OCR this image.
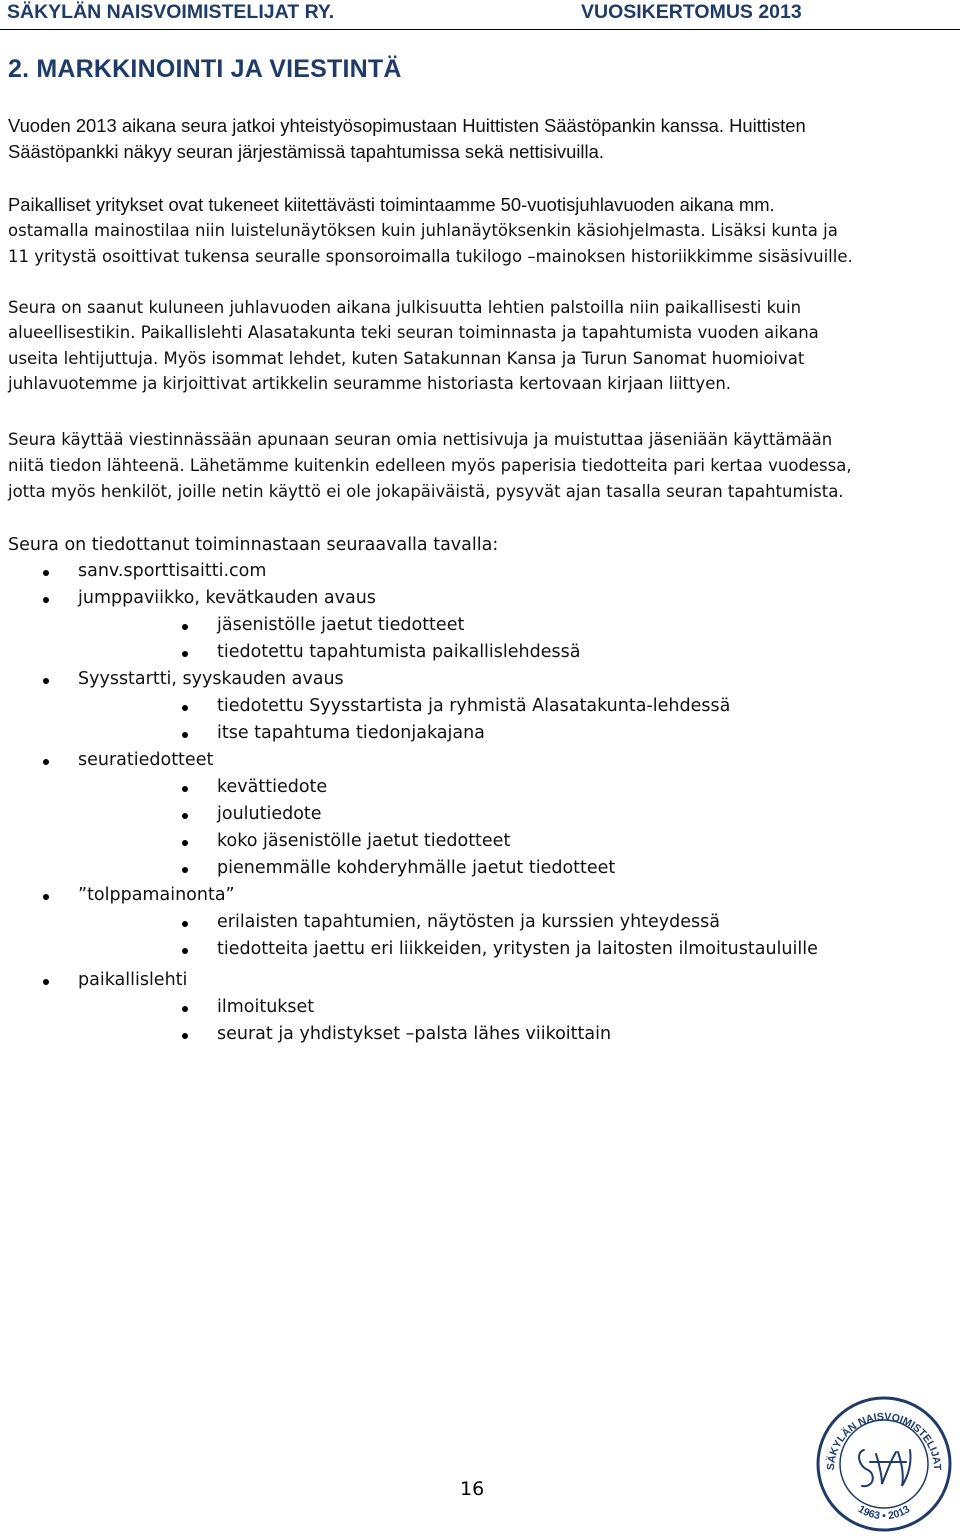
SÄKYLÄN NAISVOIMISTELIJAT RY.	VUOSIKERTOMUS 2013
2. MARKKINOINTI JA VIESTINTÄ
Vuoden 2013 aikana seura jatkoi yhteistyösopimustaan Huittisten Säästöpankin kanssa. Huittisten
Säästöpankki näkyy seuran järjestämissä tapahtumissa sekä nettisivuilla.
Paikalliset yritykset ovat tukeneet kiitettävästi toimintaamme 50-vuotisjuhlavuoden aikana mm.
ostamalla mainostilaa niin luistelunäytöksen kuin juhlanäytöksenkin käsiohjelmasta. Lisäksi kunta ja
11 yritystä osoittivat tukensa seuralle sponsoroimalla tukilogo –mainoksen historiikkimme sisäsivuille.
Seura on saanut kuluneen juhlavuoden aikana julkisuutta lehtien palstoilla niin paikallisesti kuin
alueellisestikin. Paikallislehti Alasatakunta teki seuran toiminnasta ja tapahtumista vuoden aikana
useita lehtijuttuja. Myös isommat lehdet, kuten Satakunnan Kansa ja Turun Sanomat huomioivat
juhlavuotemme ja kirjoittivat artikkelin seuramme historiasta kertovaan kirjaan liittyen.
Seura käyttää viestinnässään apunaan seuran omia nettisivuja ja muistuttaa jäseniään käyttämään
niitä tiedon lähteenä. Lähetämme kuitenkin edelleen myös paperisia tiedotteita pari kertaa vuodessa,
jotta myös henkilöt, joille netin käyttö ei ole jokapäiväistä, pysyvät ajan tasalla seuran tapahtumista.
Seura on tiedottanut toiminnastaan seuraavalla tavalla:
sanv.sporttisaitti.com
jumppaviikko, kevätkauden avaus
jäsenistölle jaetut tiedotteet
tiedotettu tapahtumista paikallislehdessä
Syysstartti, syyskauden avaus
tiedotettu Syysstartista ja ryhmistä Alasatakunta-lehdessä
itse tapahtuma tiedonjakajana
seuratiedotteet
kevättiedote
joulutiedote
koko jäsenistölle jaetut tiedotteet
pienemmälle kohderyhmälle jaetut tiedotteet
”tolppamainonta”
erilaisten tapahtumien, näytösten ja kurssien yhteydessä
tiedotteita jaettu eri liikkeiden, yritysten ja laitosten ilmoitustauluille
paikallislehti
ilmoitukset
seurat ja yhdistykset –palsta lähes viikoittain
16
SÄKYLÄN NAISVOIMISTELIJAT
1963 • 2013
